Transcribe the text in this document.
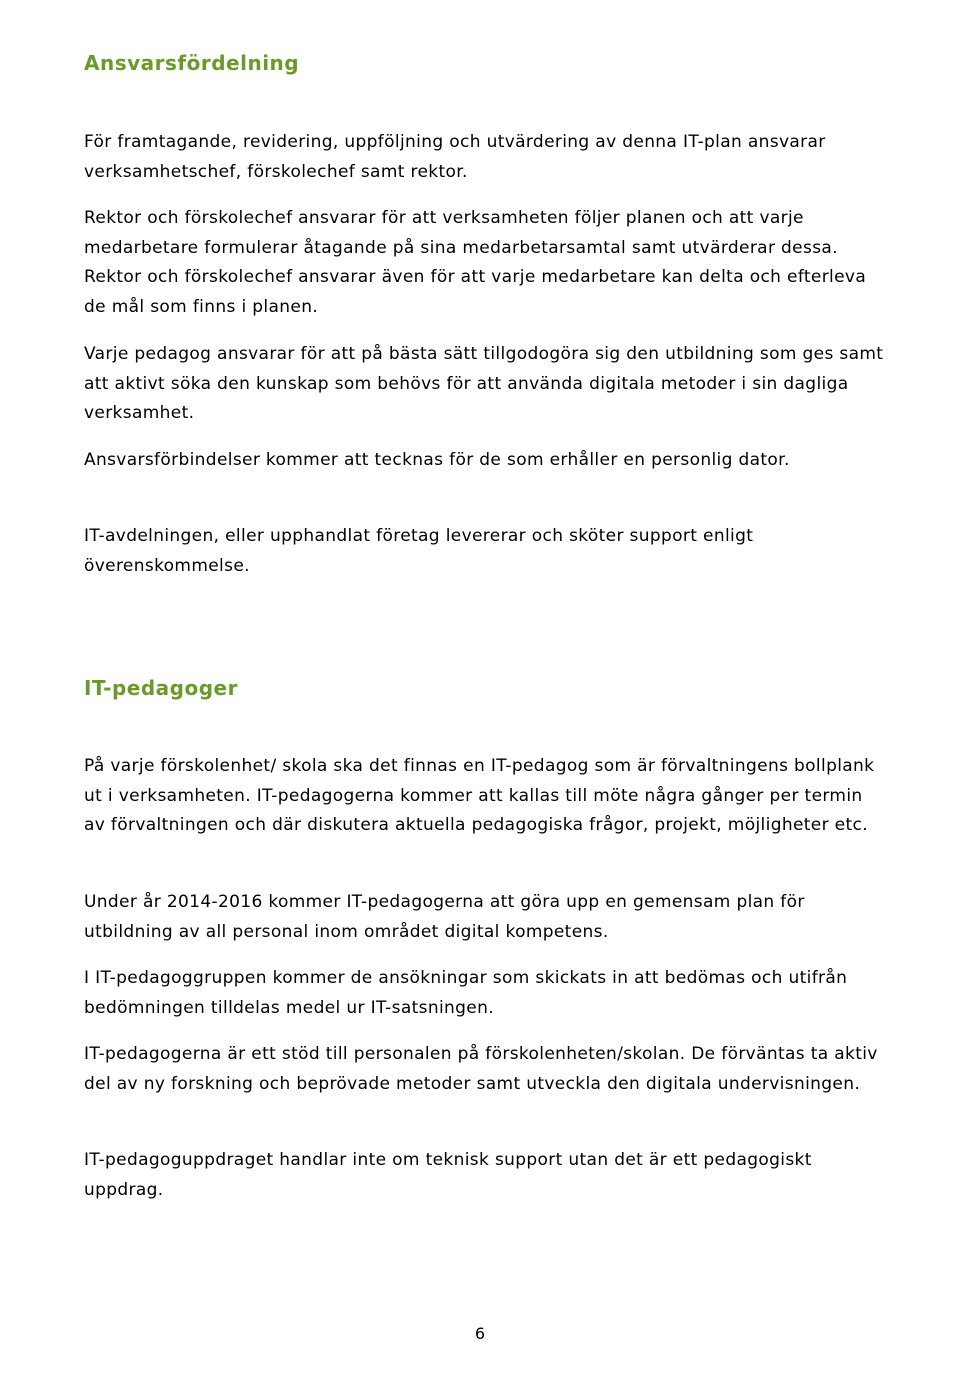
Ansvarsfördelning

För framtagande, revidering, uppföljning och utvärdering av denna IT-plan ansvarar verksamhetschef, förskolechef samt rektor.

Rektor och förskolechef ansvarar för att verksamheten följer planen och att varje medarbetare formulerar åtagande på sina medarbetarsamtal samt utvärderar dessa. Rektor och förskolechef ansvarar även för att varje medarbetare kan delta och efterleva de mål som finns i planen.

Varje pedagog ansvarar för att på bästa sätt tillgodogöra sig den utbildning som ges samt att aktivt söka den kunskap som behövs för att använda digitala metoder i sin dagliga verksamhet.

Ansvarsförbindelser kommer att tecknas för de som erhåller en personlig dator.

IT-avdelningen, eller upphandlat företag levererar och sköter support enligt överenskommelse.

IT-pedagoger

På varje förskolenhet/ skola ska det finnas en IT-pedagog som är förvaltningens bollplank ut i verksamheten. IT-pedagogerna kommer att kallas till möte några gånger per termin av förvaltningen och där diskutera aktuella pedagogiska frågor, projekt, möjligheter etc.

Under år 2014-2016 kommer IT-pedagogerna att göra upp en gemensam plan för utbildning av all personal inom området digital kompetens.

I IT-pedagoggruppen kommer de ansökningar som skickats in att bedömas och utifrån bedömningen tilldelas medel ur IT-satsningen.

IT-pedagogerna är ett stöd till personalen på förskolenheten/skolan. De förväntas ta aktiv del av ny forskning och beprövade metoder samt utveckla den digitala undervisningen.

IT-pedagoguppdraget handlar inte om teknisk support utan det är ett pedagogiskt uppdrag.

6
